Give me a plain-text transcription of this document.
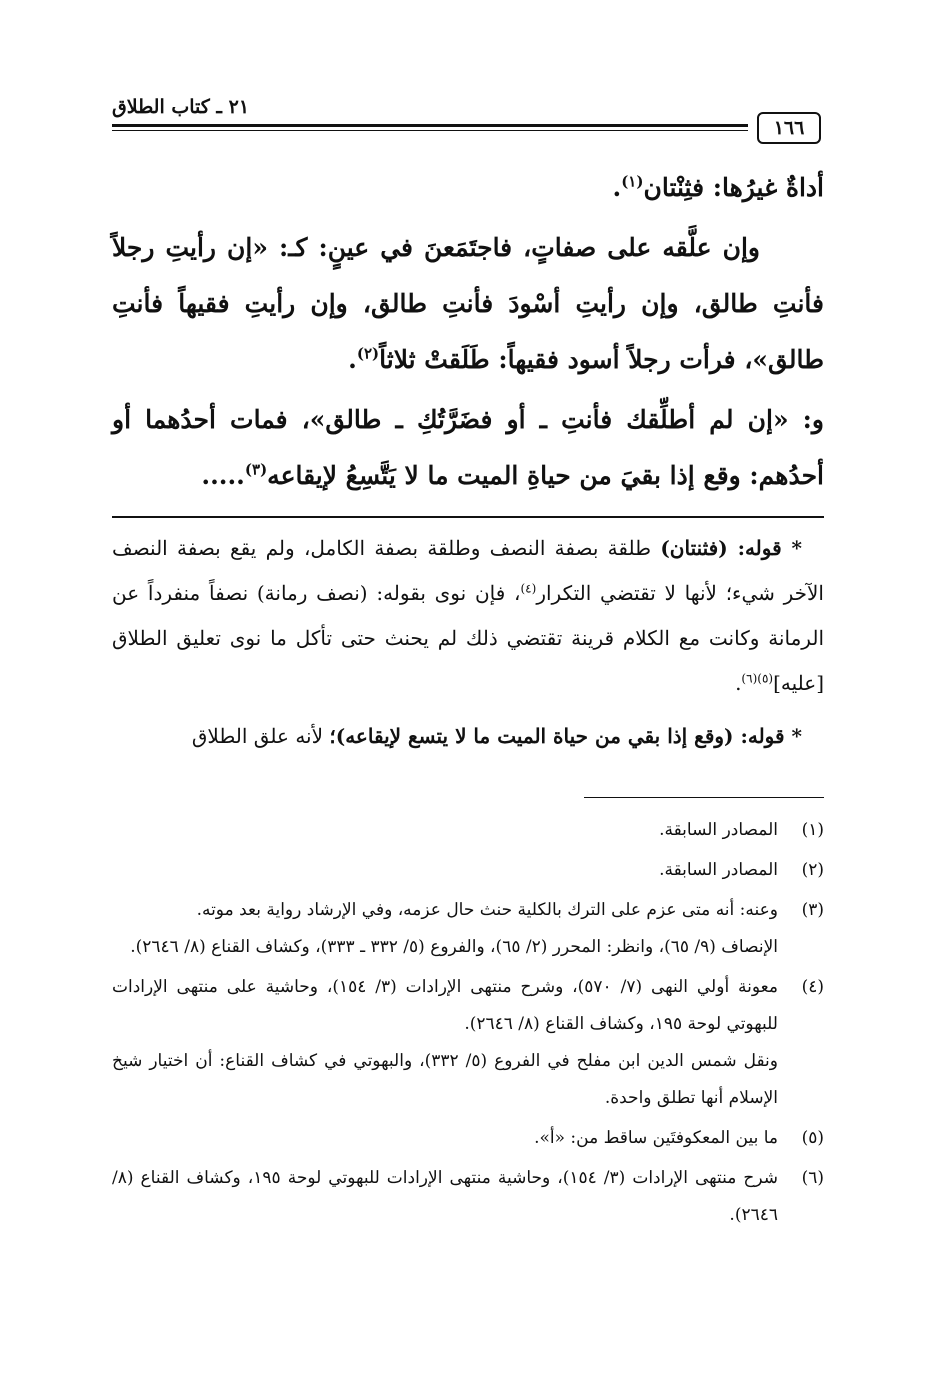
٢١ ـ كتاب الطلاق
١٦٦

أداةٌ غيرُها: فثِنْتان$^{(١)}$.

وإن علَّقه على صفاتٍ، فاجتَمَعنَ في عينٍ: كـ: «إن رأيتِ رجلاً فأنتِ طالق، وإن رأيتِ أسْودَ فأنتِ طالق، وإن رأيتِ فقيهاً فأنتِ طالق»، فرأت رجلاً أسود فقيهاً: طَلَقتْ ثلاثاً$^{(٢)}$.

و: «إن لم أطلِّقك فأنتِ ـ أو فضَرَّتُكِ ـ طالق»، فمات أحدُهما أو أحدُهم: وقع إذا بقيَ من حياةِ الميت ما لا يَتَّسِعُ لإيقاعه$^{(٣)}$.....

* قوله: (فثنتان) طلقة بصفة النصف وطلقة بصفة الكامل، ولم يقع بصفة النصف الآخر شيء؛ لأنها لا تقتضي التكرار$^{(٤)}$، فإن نوى بقوله: (نصف رمانة) نصفاً منفرداً عن الرمانة وكانت مع الكلام قرينة تقتضي ذلك لم يحنث حتى تأكل ما نوى تعليق الطلاق [عليه]$^{(٥)(٦)}$.

* قوله: (وقع إذا بقي من حياة الميت ما لا يتسع لإيقاعه)؛ لأنه علق الطلاق

(١)

المصادر السابقة.

(٢)

المصادر السابقة.

(٣)

وعنه: أنه متى عزم على الترك بالكلية حنث حال عزمه، وفي الإرشاد رواية بعد موته.

الإنصاف (٩/ ٦٥)، وانظر: المحرر (٢/ ٦٥)، والفروع (٥/ ٣٣٢ ـ ٣٣٣)، وكشاف القناع (٨/ ٢٦٤٦).

(٤)

معونة أولي النهى (٧/ ٥٧٠)، وشرح منتهى الإرادات (٣/ ١٥٤)، وحاشية على منتهى الإرادات للبهوتي لوحة ١٩٥، وكشاف القناع (٨/ ٢٦٤٦).

ونقل شمس الدين ابن مفلح في الفروع (٥/ ٣٣٢)، والبهوتي في كشاف القناع: أن اختيار شيخ الإسلام أنها تطلق واحدة.

(٥)

ما بين المعكوفتَين ساقط من: «أ».

(٦)

شرح منتهى الإرادات (٣/ ١٥٤)، وحاشية منتهى الإرادات للبهوتي لوحة ١٩٥، وكشاف القناع (٨/ ٢٦٤٦).
